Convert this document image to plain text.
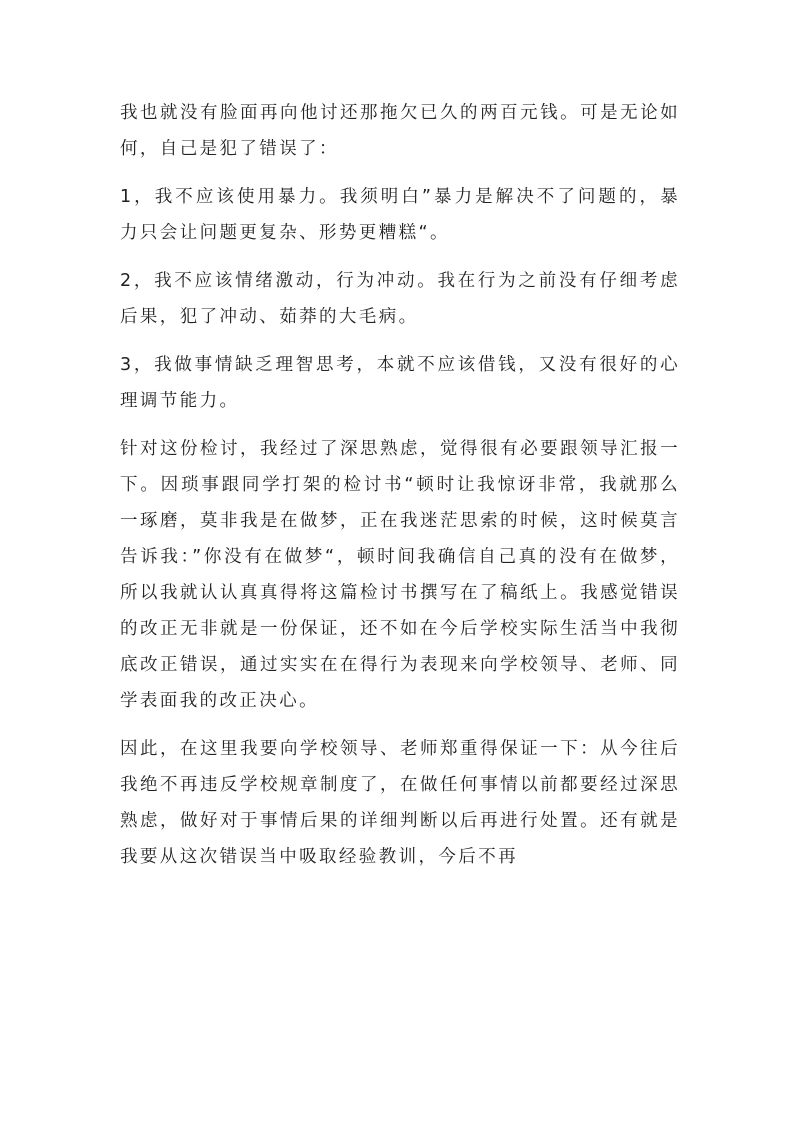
我也就没有脸面再向他讨还那拖欠已久的两百元钱。可是无论如何，自己是犯了错误了：

1，我不应该使用暴力。我须明白”暴力是解决不了问题的，暴力只会让问题更复杂、形势更糟糕“。

2，我不应该情绪激动，行为冲动。我在行为之前没有仔细考虑后果，犯了冲动、茹莽的大毛病。

3，我做事情缺乏理智思考，本就不应该借钱，又没有很好的心理调节能力。

针对这份检讨，我经过了深思熟虑，觉得很有必要跟领导汇报一下。因琐事跟同学打架的检讨书“顿时让我惊讶非常，我就那么一琢磨，莫非我是在做梦，正在我迷茫思索的时候，这时候莫言告诉我：”你没有在做梦“，顿时间我确信自己真的没有在做梦，所以我就认认真真得将这篇检讨书撰写在了稿纸上。我感觉错误的改正无非就是一份保证，还不如在今后学校实际生活当中我彻底改正错误，通过实实在在得行为表现来向学校领导、老师、同学表面我的改正决心。

因此，在这里我要向学校领导、老师郑重得保证一下：从今往后我绝不再违反学校规章制度了，在做任何事情以前都要经过深思熟虑，做好对于事情后果的详细判断以后再进行处置。还有就是我要从这次错误当中吸取经验教训，今后不再
